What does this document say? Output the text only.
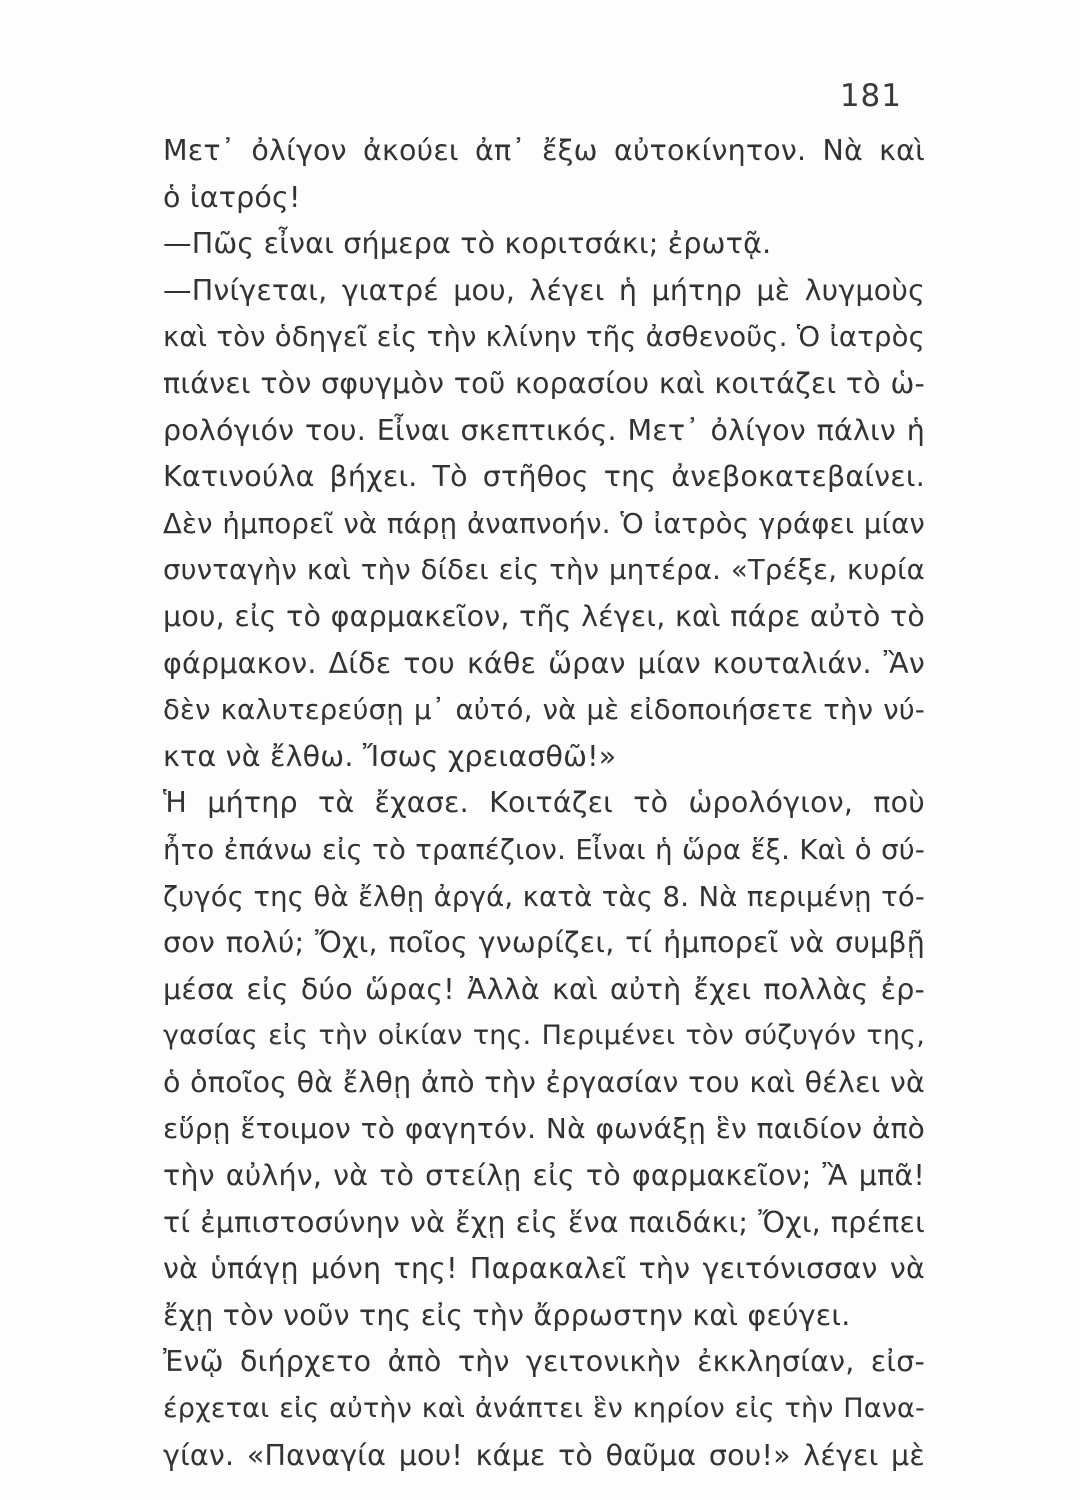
181
Μετ᾽ ὀλίγον ἀκούει ἀπ᾽ ἔξω αὐτοκίνητον. Νὰ καὶ
ὁ ἰατρός!
—Πῶς εἶναι σήμερα τὸ κοριτσάκι; ἐρωτᾷ.
—Πνίγεται, γιατρέ μου, λέγει ἡ μήτηρ μὲ λυγμοὺς
καὶ τὸν ὁδηγεῖ εἰς τὴν κλίνην τῆς ἀσθενοῦς. Ὁ ἰατρὸς
πιάνει τὸν σφυγμὸν τοῦ κορασίου καὶ κοιτάζει τὸ ὡ-
ρολόγιόν του. Εἶναι σκεπτικός. Μετ᾽ ὀλίγον πάλιν ἡ
Κατινούλα βήχει. Τὸ στῆθος της ἀνεβοκατεβαίνει.
Δὲν ἠμπορεῖ νὰ πάρῃ ἀναπνοήν. Ὁ ἰατρὸς γράφει μίαν
συνταγὴν καὶ τὴν δίδει εἰς τὴν μητέρα. «Τρέξε, κυρία
μου, εἰς τὸ φαρμακεῖον, τῆς λέγει, καὶ πάρε αὐτὸ τὸ
φάρμακον. Δίδε του κάθε ὥραν μίαν κουταλιάν. Ἂν
δὲν καλυτερεύσῃ μ᾽ αὐτό, νὰ μὲ εἰδοποιήσετε τὴν νύ-
κτα νὰ ἔλθω. Ἴσως χρειασθῶ!»
Ἡ μήτηρ τὰ ἔχασε. Κοιτάζει τὸ ὡρολόγιον, ποὺ
ἦτο ἐπάνω εἰς τὸ τραπέζιον. Εἶναι ἡ ὥρα ἕξ. Καὶ ὁ σύ-
ζυγός της θὰ ἔλθῃ ἀργά, κατὰ τὰς 8. Νὰ περιμένῃ τό-
σον πολύ; Ὄχι, ποῖος γνωρίζει, τί ἠμπορεῖ νὰ συμβῇ
μέσα εἰς δύο ὥρας! Ἀλλὰ καὶ αὐτὴ ἔχει πολλὰς ἐρ-
γασίας εἰς τὴν οἰκίαν της. Περιμένει τὸν σύζυγόν της,
ὁ ὁποῖος θὰ ἔλθῃ ἀπὸ τὴν ἐργασίαν του καὶ θέλει νὰ
εὕρῃ ἕτοιμον τὸ φαγητόν. Νὰ φωνάξῃ ἓν παιδίον ἀπὸ
τὴν αὐλήν, νὰ τὸ στείλῃ εἰς τὸ φαρμακεῖον; Ἂ μπᾶ!
τί ἐμπιστοσύνην νὰ ἔχῃ εἰς ἕνα παιδάκι; Ὄχι, πρέπει
νὰ ὑπάγῃ μόνη της! Παρακαλεῖ τὴν γειτόνισσαν νὰ
ἔχῃ τὸν νοῦν της εἰς τὴν ἄρρωστην καὶ φεύγει.
Ἐνῷ διήρχετο ἀπὸ τὴν γειτονικὴν ἐκκλησίαν, εἰσ-
έρχεται εἰς αὐτὴν καὶ ἀνάπτει ἓν κηρίον εἰς τὴν Πανα-
γίαν. «Παναγία μου! κάμε τὸ θαῦμα σου!» λέγει μὲ
